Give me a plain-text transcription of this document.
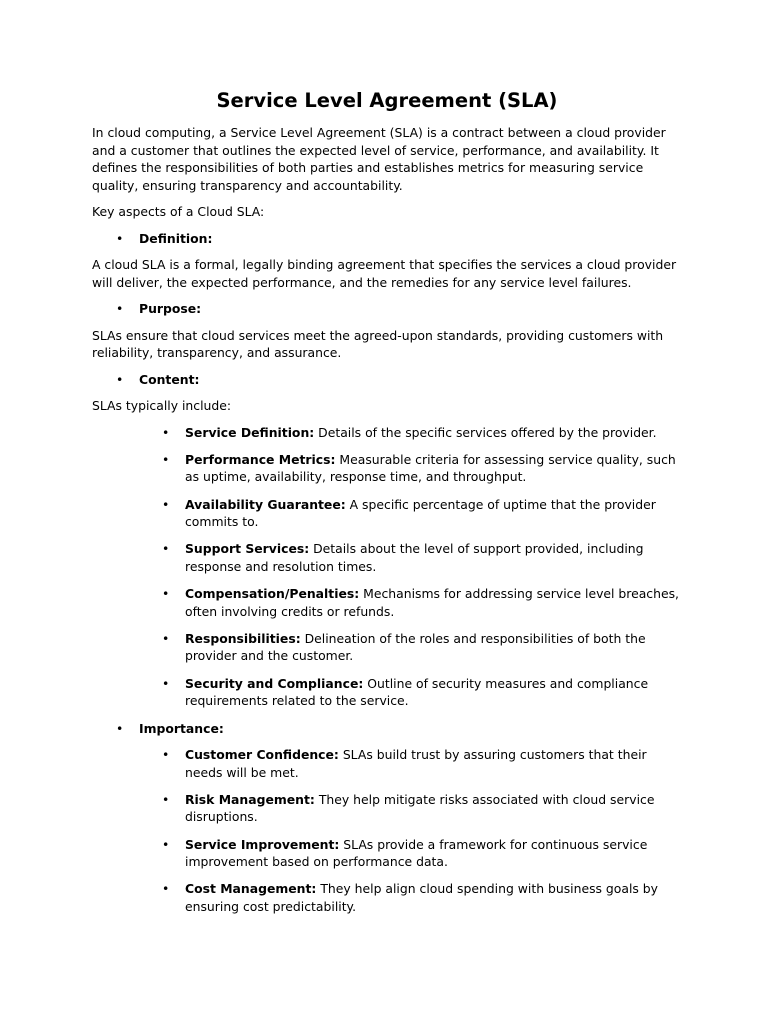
Service Level Agreement (SLA)
In cloud computing, a Service Level Agreement (SLA) is a contract between a cloud provider and a customer that outlines the expected level of service, performance, and availability. It defines the responsibilities of both parties and establishes metrics for measuring service quality, ensuring transparency and accountability.
Key aspects of a Cloud SLA:
• Definition:
A cloud SLA is a formal, legally binding agreement that specifies the services a cloud provider will deliver, the expected performance, and the remedies for any service level failures.
• Purpose:
SLAs ensure that cloud services meet the agreed-upon standards, providing customers with reliability, transparency, and assurance.
• Content:
SLAs typically include:
• Service Definition: Details of the specific services offered by the provider.
• Performance Metrics: Measurable criteria for assessing service quality, such as uptime, availability, response time, and throughput.
• Availability Guarantee: A specific percentage of uptime that the provider commits to.
• Support Services: Details about the level of support provided, including response and resolution times.
• Compensation/Penalties: Mechanisms for addressing service level breaches, often involving credits or refunds.
• Responsibilities: Delineation of the roles and responsibilities of both the provider and the customer.
• Security and Compliance: Outline of security measures and compliance requirements related to the service.
• Importance:
• Customer Confidence: SLAs build trust by assuring customers that their needs will be met.
• Risk Management: They help mitigate risks associated with cloud service disruptions.
• Service Improvement: SLAs provide a framework for continuous service improvement based on performance data.
• Cost Management: They help align cloud spending with business goals by ensuring cost predictability.
